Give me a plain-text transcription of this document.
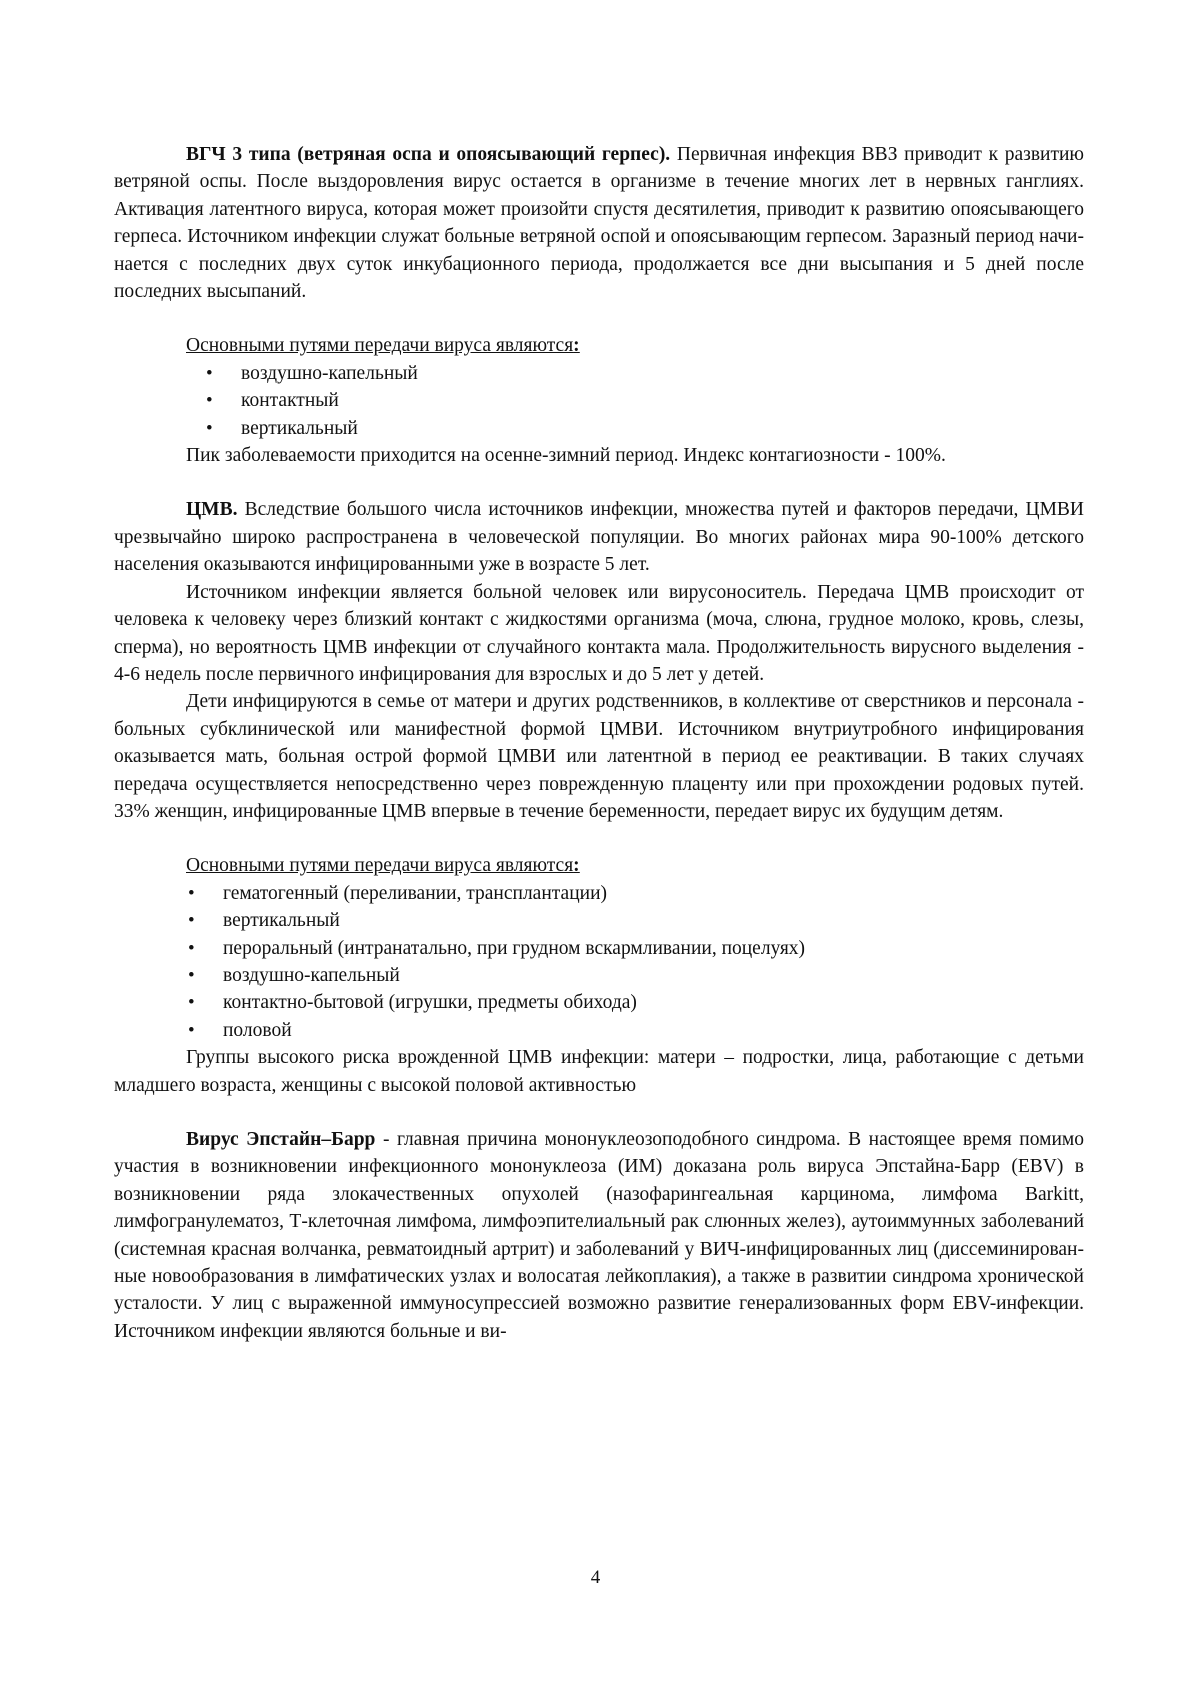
ВГЧ 3 типа (ветряная оспа и опоясывающий герпес). Первичная инфекция ВВЗ приводит к развитию ветряной оспы. После выздоровления вирус остается в организме в течение многих лет в нервных ганглиях. Активация латентного вируса, которая может произойти спустя десятилетия, приводит к развитию опоясывающего герпеса. Источником инфекции служат больные ветряной оспой и опоясывающим герпесом. Заразный период начинается с последних двух суток инкубационного периода, продолжается все дни высыпания и 5 дней после последних высыпаний.

Основными путями передачи вируса являются:
• воздушно-капельный
• контактный
• вертикальный

Пик заболеваемости приходится на осенне-зимний период. Индекс контагиозности - 100%.

ЦМВ. Вследствие большого числа источников инфекции, множества путей и факторов передачи, ЦМВИ чрезвычайно широко распространена в человеческой популяции. Во многих районах мира 90-100% детского населения оказываются инфицированными уже в возрасте 5 лет.

Источником инфекции является больной человек или вирусоноситель. Передача ЦМВ происходит от человека к человеку через близкий контакт с жидкостями организма (моча, слюна, грудное молоко, кровь, слезы, сперма), но вероятность ЦМВ инфекции от случайного контакта мала. Продолжительность вирусного выделения - 4-6 недель после первичного инфицирования для взрослых и до 5 лет у детей.

Дети инфицируются в семье от матери и других родственников, в коллективе от сверстников и персонала - больных субклинической или манифестной формой ЦМВИ. Источником внутриутробного инфицирования оказывается мать, больная острой формой ЦМВИ или латентной в период ее реактивации. В таких случаях передача осуществляется непосредственно через поврежденную плаценту или при прохождении родовых путей. 33% женщин, инфицированные ЦМВ впервые в течение беременности, передает вирус их будущим детям.

Основными путями передачи вируса являются:
• гематогенный (переливании, трансплантации)
• вертикальный
• пероральный (интранатально, при грудном вскармливании, поцелуях)
• воздушно-капельный
• контактно-бытовой (игрушки, предметы обихода)
• половой

Группы высокого риска врожденной ЦМВ инфекции: матери – подростки, лица, работающие с детьми младшего возраста, женщины с высокой половой активностью

Вирус Эпстайн–Барр - главная причина мононуклеозоподобного синдрома. В настоящее время помимо участия в возникновении инфекционного мононуклеоза (ИМ) доказана роль вируса Эпстайна-Барр (EBV) в возникновении ряда злокачественных опухолей (назофарингеальная карцинома, лимфома Barkitt, лимфогранулематоз, Т-клеточная лимфома, лимфоэпителиальный рак слюнных желез), аутоиммунных заболеваний (системная красная волчанка, ревматоидный артрит) и заболеваний у ВИЧ-инфицированных лиц (диссеминированные новообразования в лимфатических узлах и волосатая лейкоплакия), а также в развитии синдрома хронической усталости. У лиц с выраженной иммуносупрессией возможно развитие генерализованных форм EBV-инфекции. Источником инфекции являются больные и ви-

4
